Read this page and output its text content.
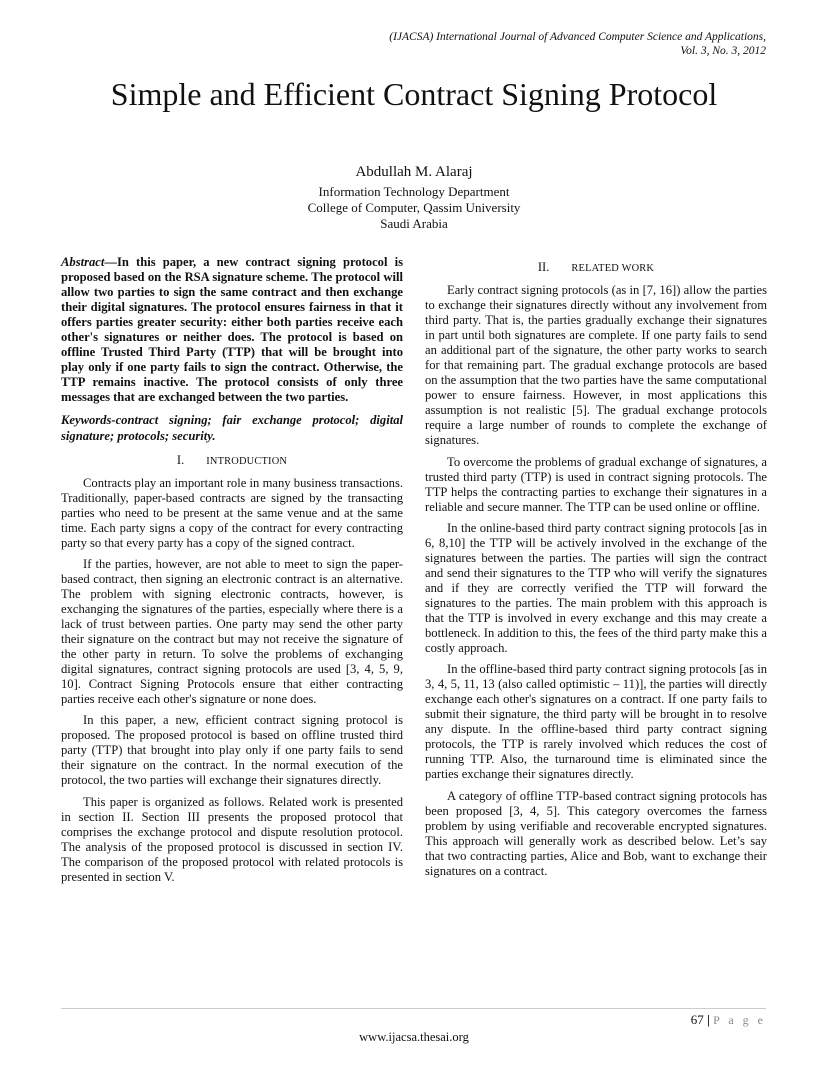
(IJACSA) International Journal of Advanced Computer Science and Applications,
Vol. 3, No. 3, 2012
Simple and Efficient Contract Signing Protocol
Abdullah M. Alaraj
Information Technology Department
College of Computer, Qassim University
Saudi Arabia

Abstract—In this paper, a new contract signing protocol is proposed based on the RSA signature scheme. The protocol will allow two parties to sign the same contract and then exchange their digital signatures. The protocol ensures fairness in that it offers parties greater security: either both parties receive each other's signatures or neither does. The protocol is based on offline Trusted Third Party (TTP) that will be brought into play only if one party fails to sign the contract. Otherwise, the TTP remains inactive. The protocol consists of only three messages that are exchanged between the two parties.

Keywords-contract signing; fair exchange protocol; digital signature; protocols; security.

I. INTRODUCTION

Contracts play an important role in many business transactions. Traditionally, paper-based contracts are signed by the transacting parties who need to be present at the same venue and at the same time. Each party signs a copy of the contract for every contracting party so that every party has a copy of the signed contract.

If the parties, however, are not able to meet to sign the paper-based contract, then signing an electronic contract is an alternative. The problem with signing electronic contracts, however, is exchanging the signatures of the parties, especially where there is a lack of trust between parties. One party may send the other party their signature on the contract but may not receive the signature of the other party in return. To solve the problems of exchanging digital signatures, contract signing protocols are used [3, 4, 5, 9, 10]. Contract Signing Protocols ensure that either contracting parties receive each other's signature or none does.

In this paper, a new, efficient contract signing protocol is proposed. The proposed protocol is based on offline trusted third party (TTP) that brought into play only if one party fails to send their signature on the contract. In the normal execution of the protocol, the two parties will exchange their signatures directly.

This paper is organized as follows. Related work is presented in section II. Section III presents the proposed protocol that comprises the exchange protocol and dispute resolution protocol. The analysis of the proposed protocol is discussed in section IV. The comparison of the proposed protocol with related protocols is presented in section V.

II. RELATED WORK

Early contract signing protocols (as in [7, 16]) allow the parties to exchange their signatures directly without any involvement from third party. That is, the parties gradually exchange their signatures in part until both signatures are complete. If one party fails to send an additional part of the signature, the other party works to search for that remaining part. The gradual exchange protocols are based on the assumption that the two parties have the same computational power to ensure fairness. However, in most applications this assumption is not realistic [5]. The gradual exchange protocols require a large number of rounds to complete the exchange of signatures.

To overcome the problems of gradual exchange of signatures, a trusted third party (TTP) is used in contract signing protocols. The TTP helps the contracting parties to exchange their signatures in a reliable and secure manner. The TTP can be used online or offline.

In the online-based third party contract signing protocols [as in 6, 8,10] the TTP will be actively involved in the exchange of the signatures between the parties. The parties will sign the contract and send their signatures to the TTP who will verify the signatures and if they are correctly verified the TTP will forward the signatures to the parties. The main problem with this approach is that the TTP is involved in every exchange and this may create a bottleneck. In addition to this, the fees of the third party make this a costly approach.

In the offline-based third party contract signing protocols [as in 3, 4, 5, 11, 13 (also called optimistic – 11)], the parties will directly exchange each other's signatures on a contract. If one party fails to submit their signature, the third party will be brought in to resolve any dispute. In the offline-based third party contract signing protocols, the TTP is rarely involved which reduces the cost of running TTP. Also, the turnaround time is eliminated since the parties exchange their signatures directly.

A category of offline TTP-based contract signing protocols has been proposed [3, 4, 5]. This category overcomes the farness problem by using verifiable and recoverable encrypted signatures. This approach will generally work as described below. Let’s say that two contracting parties, Alice and Bob, want to exchange their signatures on a contract.

67 | P a g e
www.ijacsa.thesai.org
